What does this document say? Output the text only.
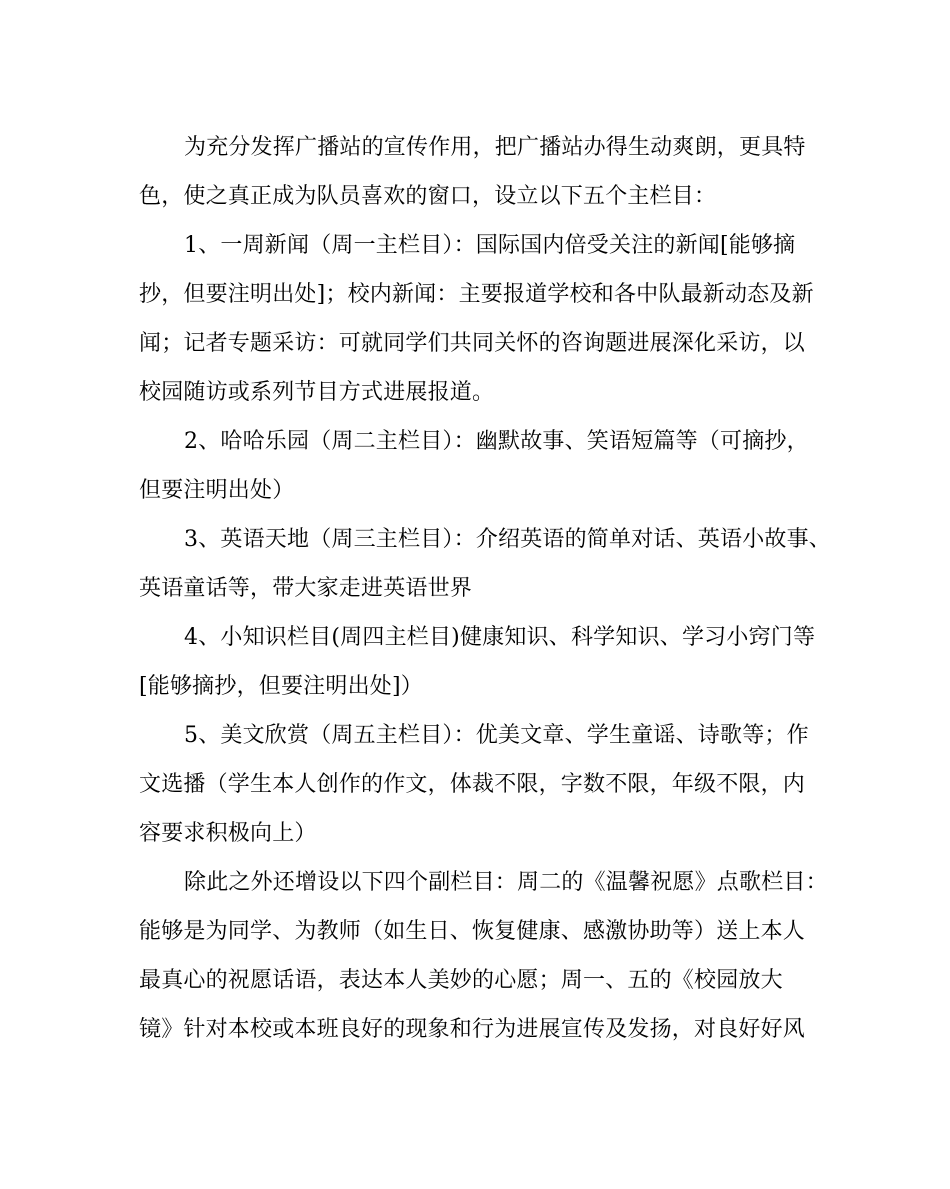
为充分发挥广播站的宣传作用，把广播站办得生动爽朗，更具特
色，使之真正成为队员喜欢的窗口，设立以下五个主栏目：
1、一周新闻（周一主栏目）：国际国内倍受关注的新闻[能够摘
抄，但要注明出处]；校内新闻：主要报道学校和各中队最新动态及新
闻；记者专题采访：可就同学们共同关怀的咨询题进展深化采访，以
校园随访或系列节目方式进展报道。
2、哈哈乐园（周二主栏目）：幽默故事、笑语短篇等（可摘抄，
但要注明出处）
3、英语天地（周三主栏目）：介绍英语的简单对话、英语小故事、
英语童话等，带大家走进英语世界
4、小知识栏目(周四主栏目)健康知识、科学知识、学习小窍门等
[能够摘抄，但要注明出处]）
5、美文欣赏（周五主栏目）：优美文章、学生童谣、诗歌等；作
文选播（学生本人创作的作文，体裁不限，字数不限，年级不限，内
容要求积极向上）
除此之外还增设以下四个副栏目：周二的《温馨祝愿》点歌栏目：
能够是为同学、为教师（如生日、恢复健康、感激协助等）送上本人
最真心的祝愿话语，表达本人美妙的心愿；周一、五的《校园放大
镜》针对本校或本班良好的现象和行为进展宣传及发扬，对良好好风
